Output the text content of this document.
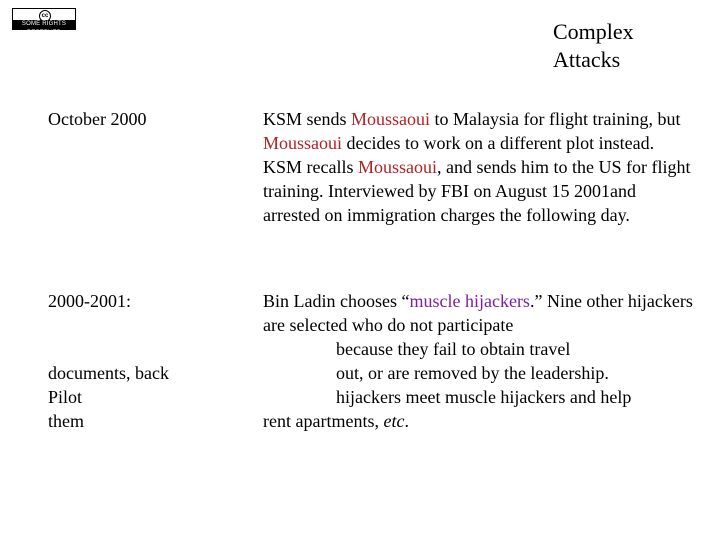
cc
SOME RIGHTS RESERVED	Complex
Attacks
October 2000	KSM sends Moussaoui to Malaysia for flight training, but Moussaoui decides to work on a different plot instead. KSM recalls Moussaoui, and sends him to the US for flight training. Interviewed by FBI on August 15 2001and arrested on immigration charges the following day.
2000-2001:
documents, back
Pilot
them
Bin Ladin chooses “muscle hijackers.” Nine other hijackers are selected who do not participate
because they fail to obtain travel
out, or are removed by the leadership.
hijackers meet muscle hijackers and help
rent apartments, etc.
